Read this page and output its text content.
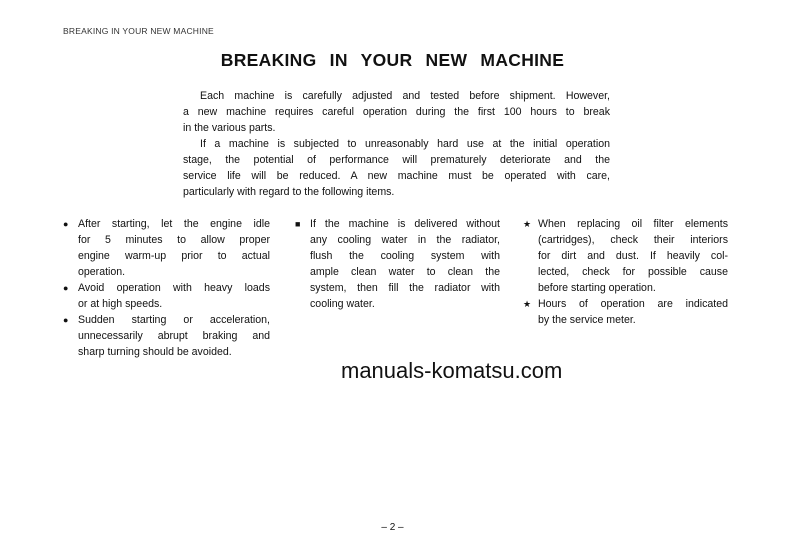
BREAKING IN YOUR NEW MACHINE
BREAKING IN YOUR NEW MACHINE
Each machine is carefully adjusted and tested before shipment. However,
a new machine requires careful operation during the first 100 hours to break
in the various parts.
If a machine is subjected to unreasonably hard use at the initial operation
stage, the potential of performance will prematurely deteriorate and the
service life will be reduced. A new machine must be operated with care,
particularly with regard to the following items.
● After starting, let the engine idle
for 5 minutes to allow proper
engine warm-up prior to actual
operation.
● Avoid operation with heavy loads
or at high speeds.
● Sudden starting or acceleration,
unnecessarily abrupt braking and
sharp turning should be avoided.
■ If the machine is delivered without
any cooling water in the radiator,
flush the cooling system with
ample clean water to clean the
system, then fill the radiator with
cooling water.
★ When replacing oil filter elements
(cartridges), check their interiors
for dirt and dust. If heavily col-
lected, check for possible cause
before starting operation.
★ Hours of operation are indicated
by the service meter.
manuals-komatsu.com
– 2 –
